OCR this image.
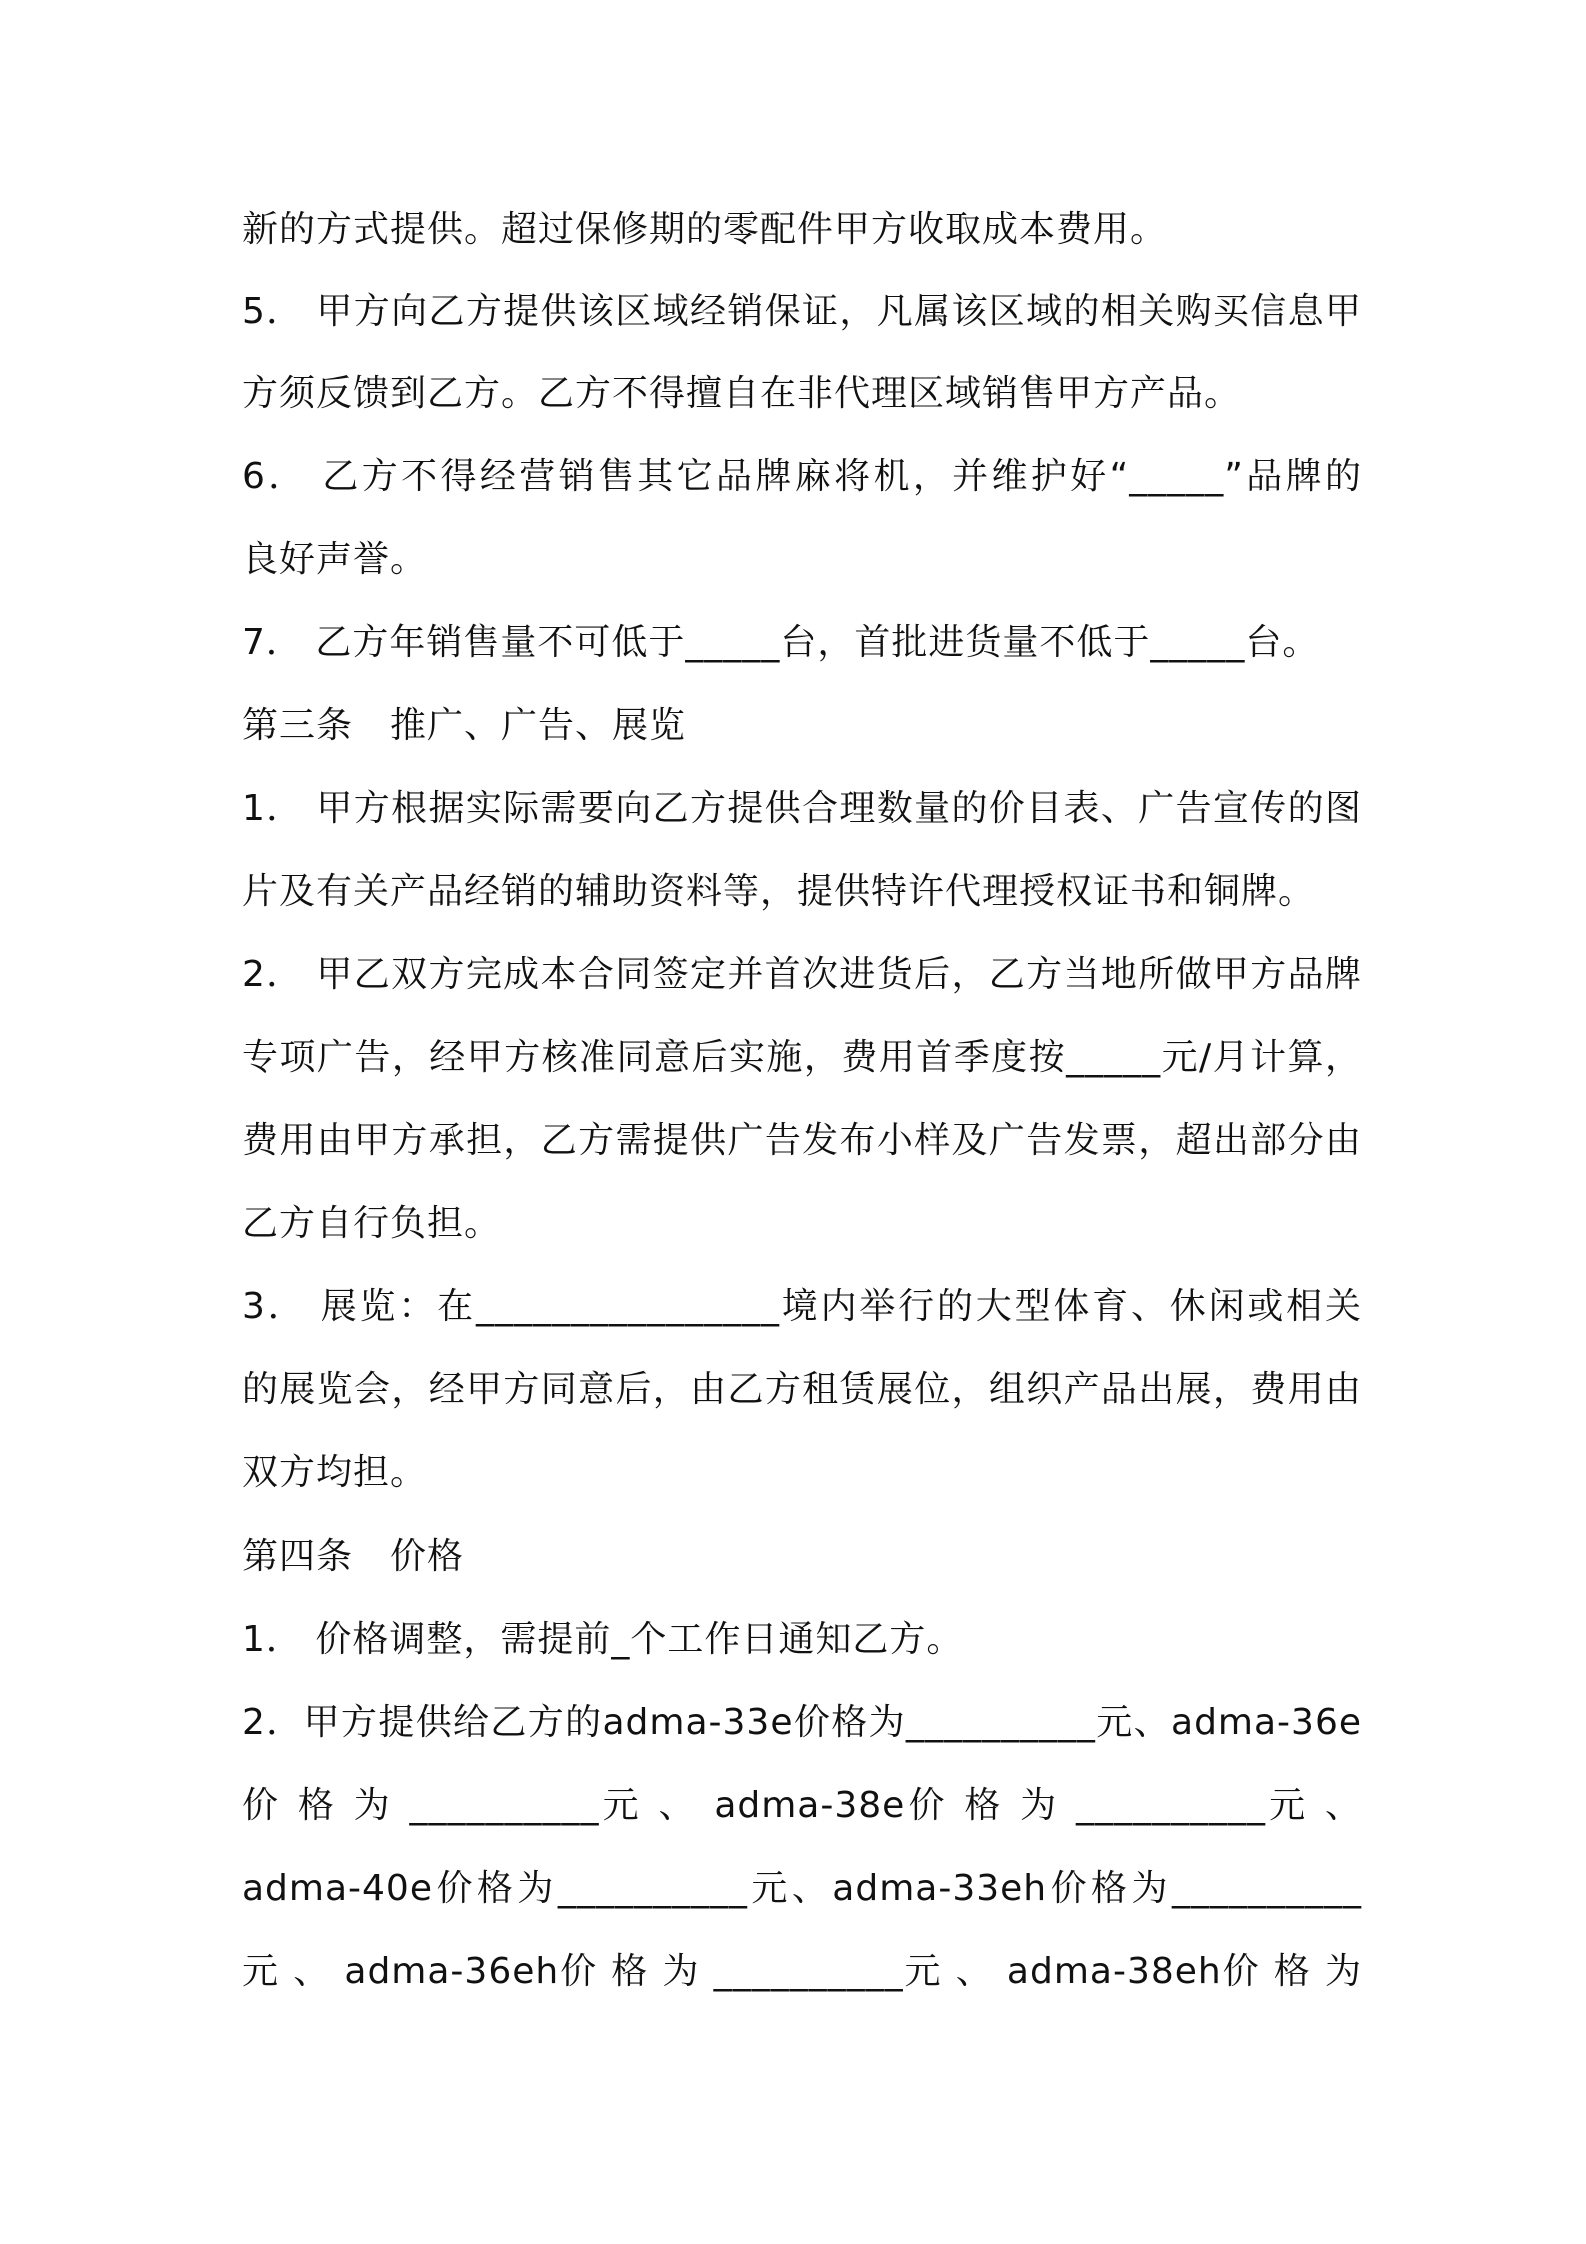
新的方式提供。超过保修期的零配件甲方收取成本费用。
5． 甲方向乙方提供该区域经销保证，凡属该区域的相关购买信息甲
方须反馈到乙方。乙方不得擅自在非代理区域销售甲方产品。
6． 乙方不得经营销售其它品牌麻将机，并维护好“_____”品牌的
良好声誉。
7． 乙方年销售量不可低于_____台，首批进货量不低于_____台。
第三条　推广、广告、展览
1． 甲方根据实际需要向乙方提供合理数量的价目表、广告宣传的图
片及有关产品经销的辅助资料等，提供特许代理授权证书和铜牌。
2． 甲乙双方完成本合同签定并首次进货后，乙方当地所做甲方品牌
专项广告，经甲方核准同意后实施，费用首季度按_____元/月计算，
费用由甲方承担，乙方需提供广告发布小样及广告发票，超出部分由
乙方自行负担。
3． 展览：在________________境内举行的大型体育、休闲或相关
的展览会，经甲方同意后，由乙方租赁展位，组织产品出展，费用由
双方均担。
第四条　价格
1． 价格调整，需提前_个工作日通知乙方。
2．甲方提供给乙方的adma-33e价格为__________元、adma-36e
价 格 为 __________元 、 adma-38e价 格 为 __________元 、
adma-40e价格为__________元、adma-33eh价格为__________
元 、 adma-36eh价 格 为 __________元 、 adma-38eh价 格 为
